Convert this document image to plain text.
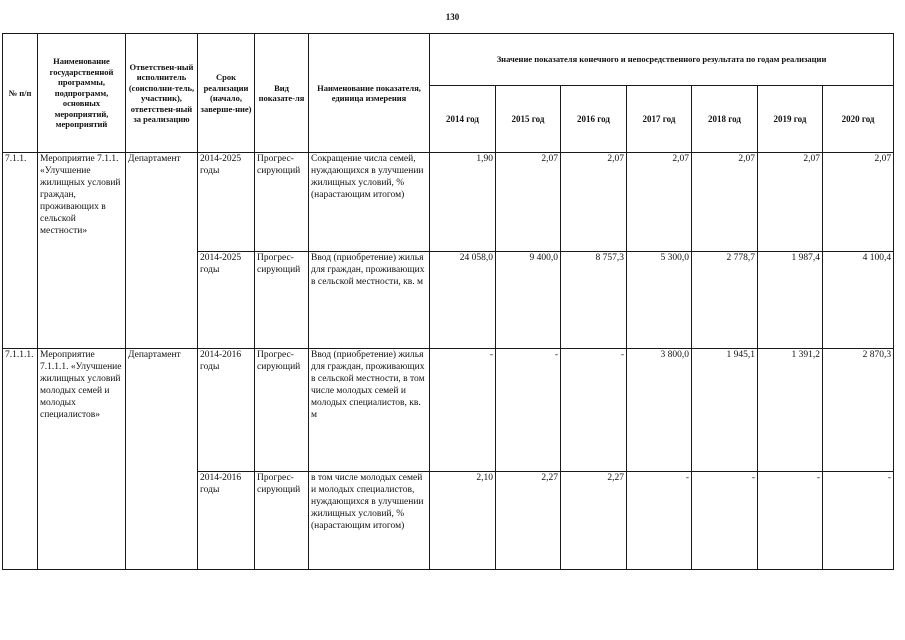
130
№ п/п	Наименование государственной программы, подпрограмм, основных мероприятий, мероприятий	Ответствен-ный исполнитель (соисполни-тель, участник), ответствен-ный за реализацию	Срок реализации (начало, заверше-ние)	Вид показате-ля	Наименование показателя, единица измерения	Значение показателя конечного и непосредственного результата по годам реализации						
						2014 год	2015 год	2016 год	2017 год	2018 год	2019 год	2020 год
7.1.1.	Мероприятие 7.1.1. «Улучшение жилищных условий граждан, проживающих в сельской местности»	Департамент	2014-2025 годы	Прогрес-сирующий	Сокращение числа семей, нуждающихся в улучшении жилищных условий, % (нарастающим итогом)	1,90	2,07	2,07	2,07	2,07	2,07	2,07
			2014-2025 годы	Прогрес-сирующий	Ввод (приобретение) жилья для граждан, проживающих в сельской местности, кв. м	24 058,0	9 400,0	8 757,3	5 300,0	2 778,7	1 987,4	4 100,4
7.1.1.1.	Мероприятие 7.1.1.1. «Улучшение жилищных условий молодых семей и молодых специалистов»	Департамент	2014-2016 годы	Прогрес-сирующий	Ввод (приобретение) жилья для граждан, проживающих в сельской местности, в том числе молодых семей и молодых специалистов, кв. м	-	-	-	3 800,0	1 945,1	1 391,2	2 870,3
			2014-2016 годы	Прогрес-сирующий	в том числе молодых семей и молодых специалистов, нуждающихся в улучшении жилищных условий, % (нарастающим итогом)	2,10	2,27	2,27	-	-	-	-
